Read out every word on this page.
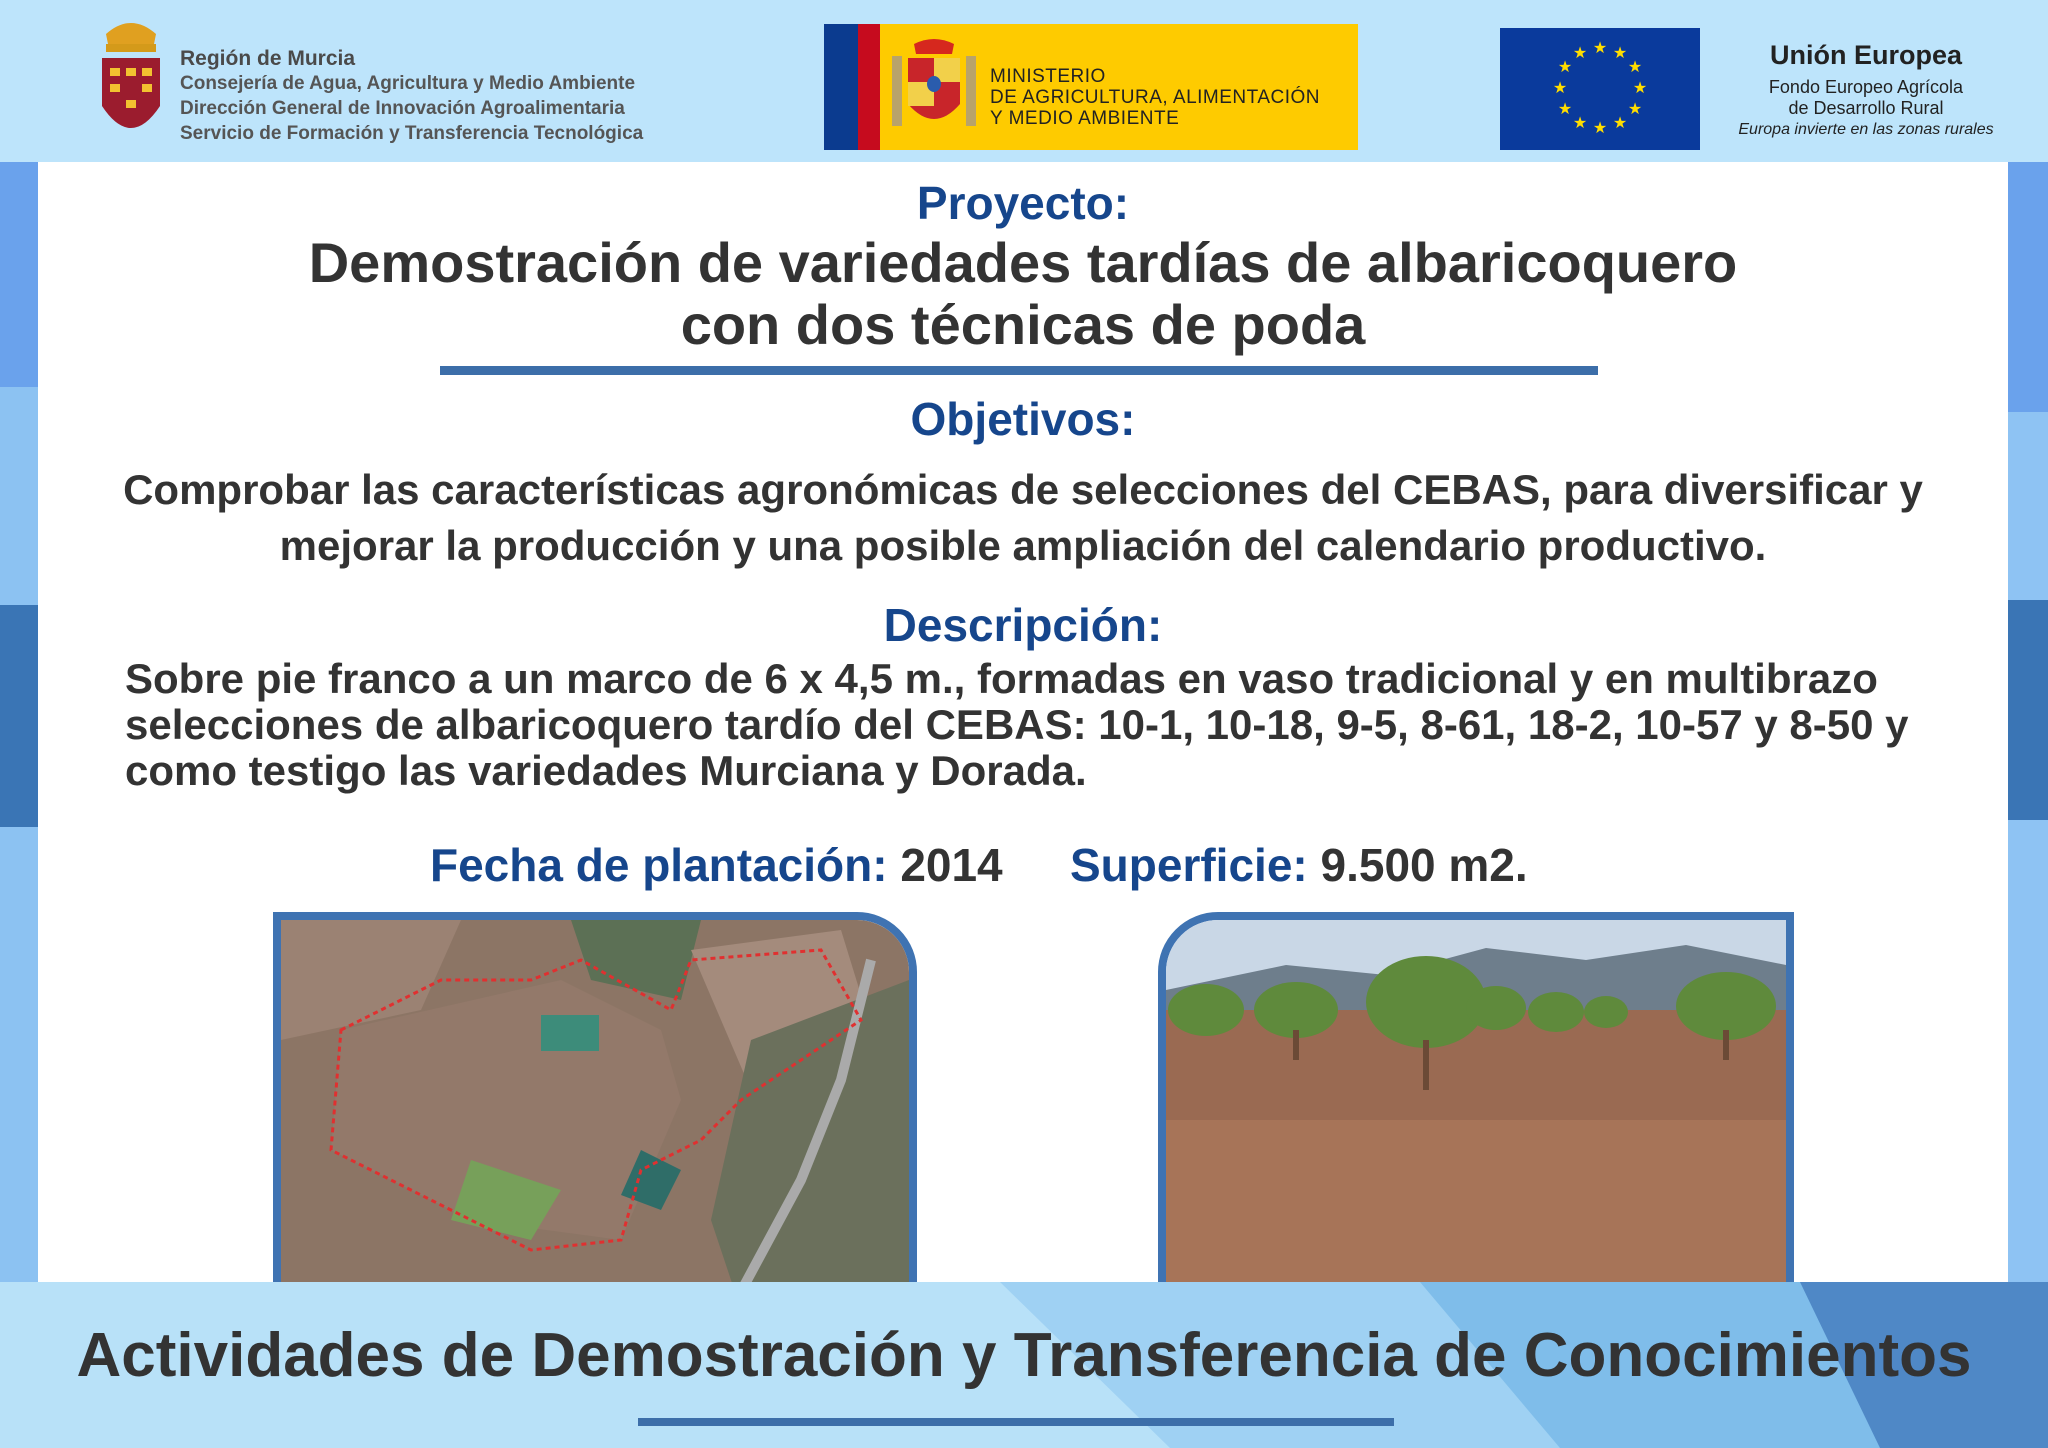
Región de Murcia
Consejería de Agua, Agricultura y Medio Ambiente
Dirección General de Innovación Agroalimentaria
Servicio de Formación y Transferencia Tecnológica
MINISTERIO
DE AGRICULTURA, ALIMENTACIÓN
Y MEDIO AMBIENTE
★ ★
★
★
★
★
★
★
★
★
★
★	Unión Europea
Fondo Europeo Agrícola
de Desarrollo Rural
Europa invierte en las zonas rurales
Proyecto:
Demostración de variedades tardías de albaricoquero
con dos técnicas de poda
Objetivos:
Comprobar las características agronómicas de selecciones del CEBAS, para diversificar y
mejorar la producción y una posible ampliación del calendario productivo.
Descripción:
Sobre pie franco a un marco de 6 x 4,5 m., formadas en vaso tradicional y en multibrazo
selecciones de albaricoquero tardío del CEBAS: 10-1, 10-18, 9-5, 8-61, 18-2, 10-57 y 8-50 y
como testigo las variedades Murciana y Dorada.
Fecha de plantación: 2014 Superficie: 9.500 m2.
Actividades de Demostración y Transferencia de Conocimientos
